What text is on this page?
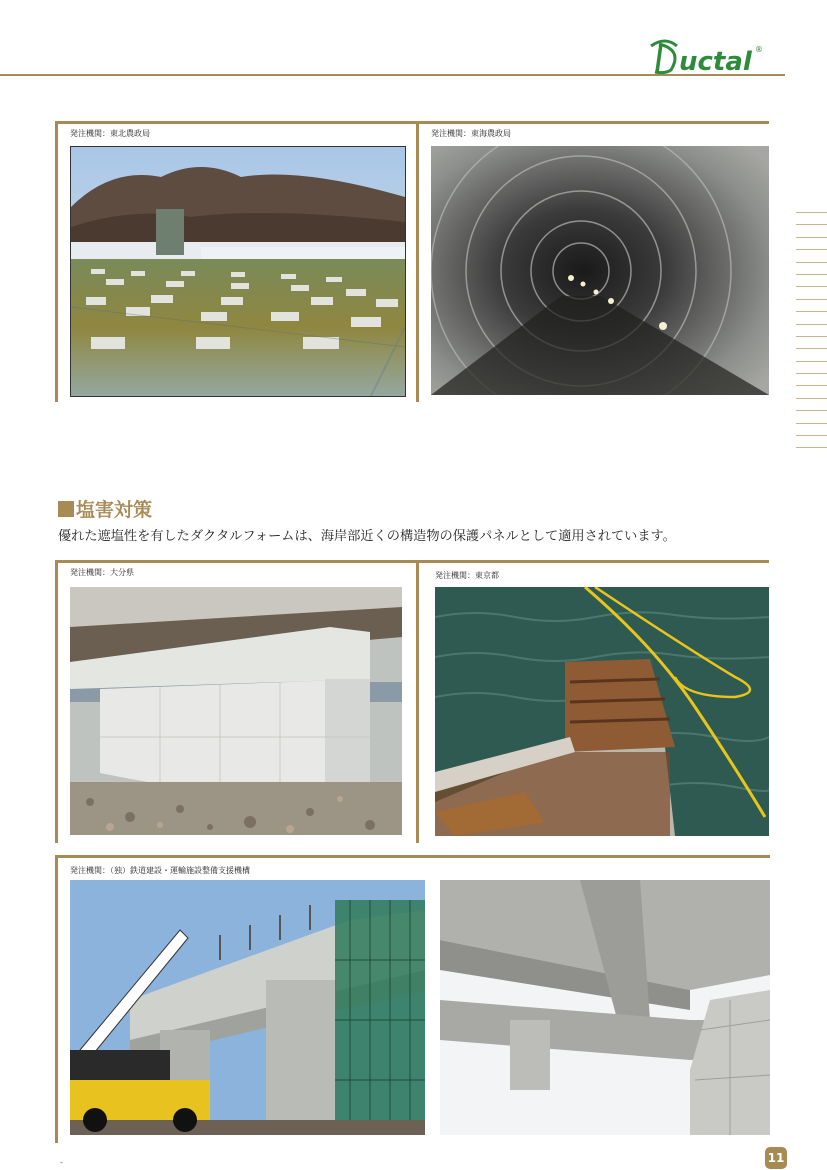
uctal ®
発注機関：東北農政局	発注機関：東海農政局
塩害対策
優れた遮塩性を有したダクタルフォームは、海岸部近くの構造物の保護パネルとして適用されています。
発注機関：大分県	発注機関：東京都
発注機関：（独）鉄道建設・運輸施設整備支援機構
-	11
